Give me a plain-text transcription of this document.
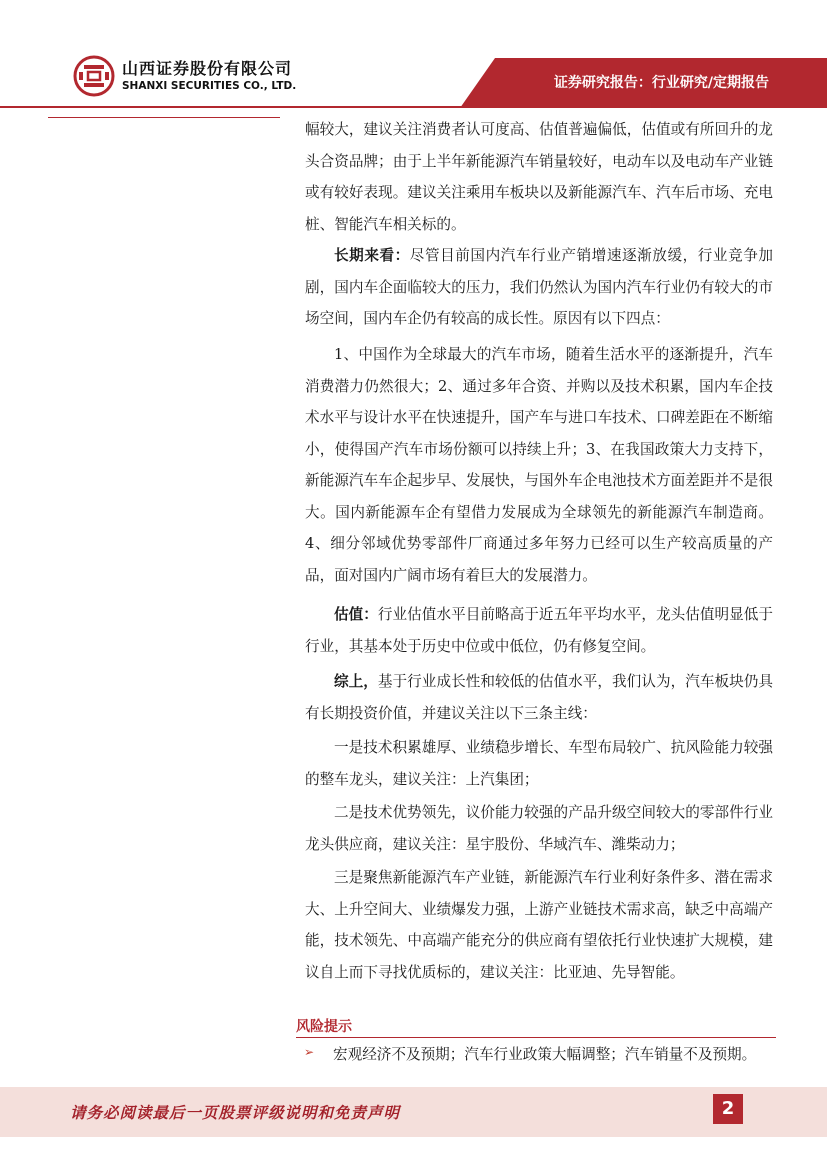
山西证券股份有限公司
SHANXI SECURITIES CO., LTD.	证券研究报告：行业研究/定期报告

幅较大，建议关注消费者认可度高、估值普遍偏低，估值或有所回升的龙头合资品牌；由于上半年新能源汽车销量较好，电动车以及电动车产业链或有较好表现。建议关注乘用车板块以及新能源汽车、汽车后市场、充电桩、智能汽车相关标的。

长期来看：尽管目前国内汽车行业产销增速逐渐放缓，行业竞争加剧，国内车企面临较大的压力，我们仍然认为国内汽车行业仍有较大的市场空间，国内车企仍有较高的成长性。原因有以下四点：

1、中国作为全球最大的汽车市场，随着生活水平的逐渐提升，汽车消费潜力仍然很大；2、通过多年合资、并购以及技术积累，国内车企技术水平与设计水平在快速提升，国产车与进口车技术、口碑差距在不断缩小，使得国产汽车市场份额可以持续上升；3、在我国政策大力支持下，新能源汽车车企起步早、发展快，与国外车企电池技术方面差距并不是很大。国内新能源车企有望借力发展成为全球领先的新能源汽车制造商。 4、细分邻域优势零部件厂商通过多年努力已经可以生产较高质量的产品，面对国内广阔市场有着巨大的发展潜力。

估值：行业估值水平目前略高于近五年平均水平，龙头估值明显低于行业，其基本处于历史中位或中低位，仍有修复空间。

综上，基于行业成长性和较低的估值水平，我们认为，汽车板块仍具有长期投资价值，并建议关注以下三条主线：

一是技术积累雄厚、业绩稳步增长、车型布局较广、抗风险能力较强的整车龙头，建议关注：上汽集团；

二是技术优势领先，议价能力较强的产品升级空间较大的零部件行业龙头供应商，建议关注：星宇股份、华域汽车、潍柴动力；

三是聚焦新能源汽车产业链，新能源汽车行业利好条件多、潜在需求大、上升空间大、业绩爆发力强，上游产业链技术需求高，缺乏中高端产能，技术领先、中高端产能充分的供应商有望依托行业快速扩大规模，建议自上而下寻找优质标的，建议关注：比亚迪、先导智能。

风险提示
➢ 宏观经济不及预期；汽车行业政策大幅调整；汽车销量不及预期。
请务必阅读最后一页股票评级说明和免责声明	2
